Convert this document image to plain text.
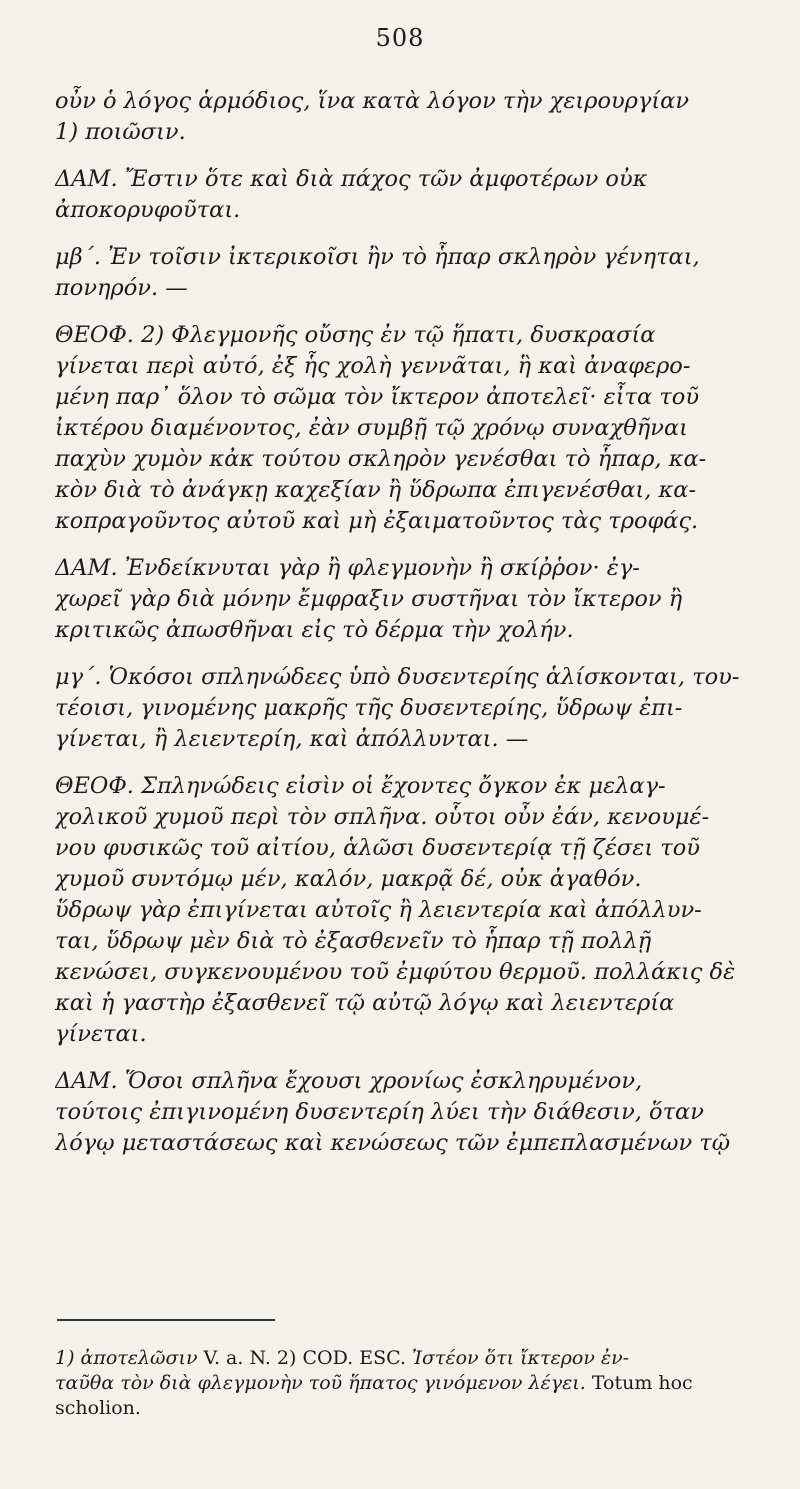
508
οὖν ὁ λόγος ἁρμόδιος, ἵνα κατὰ λόγον τὴν χειρουργίαν
1) ποιῶσιν.
ΔΑΜ. Ἔστιν ὅτε καὶ διὰ πάχος τῶν ἀμφοτέρων οὐκ
ἀποκορυφοῦται.
μβ΄. Ἐν τοῖσιν ἰκτερικοῖσι ἢν τὸ ἧπαρ σκληρὸν γένηται,
πονηρόν. —
ΘΕΟΦ. 2) Φλεγμονῆς οὔσης ἐν τῷ ἥπατι, δυσκρασία
γίνεται περὶ αὐτό, ἐξ ἧς χολὴ γεννᾶται, ἣ καὶ ἀναφερο-
μένη παρ᾽ ὅλον τὸ σῶμα τὸν ἴκτερον ἀποτελεῖ· εἶτα τοῦ
ἰκτέρου διαμένοντος, ἐὰν συμβῇ τῷ χρόνῳ συναχθῆναι
παχὺν χυμὸν κἀκ τούτου σκληρὸν γενέσθαι τὸ ἧπαρ, κα-
κὸν διὰ τὸ ἀνάγκῃ καχεξίαν ἢ ὕδρωπα ἐπιγενέσθαι, κα-
κοπραγοῦντος αὐτοῦ καὶ μὴ ἐξαιματοῦντος τὰς τροφάς.
ΔΑΜ. Ἐνδείκνυται γὰρ ἢ φλεγμονὴν ἢ σκίῤῥον· ἐγ-
χωρεῖ γὰρ διὰ μόνην ἔμφραξιν συστῆναι τὸν ἴκτερον ἢ
κριτικῶς ἀπωσθῆναι εἰς τὸ δέρμα τὴν χολήν.
μγ΄. Ὁκόσοι σπληνώδεες ὑπὸ δυσεντερίης ἁλίσκονται, του-
τέοισι, γινομένης μακρῆς τῆς δυσεντερίης, ὕδρωψ ἐπι-
γίνεται, ἢ λειεντερίη, καὶ ἀπόλλυνται. —
ΘΕΟΦ. Σπληνώδεις εἰσὶν οἱ ἔχοντες ὄγκον ἐκ μελαγ-
χολικοῦ χυμοῦ περὶ τὸν σπλῆνα. οὗτοι οὖν ἐάν, κενουμέ-
νου φυσικῶς τοῦ αἰτίου, ἁλῶσι δυσεντερίᾳ τῇ ζέσει τοῦ
χυμοῦ συντόμῳ μέν, καλόν, μακρᾷ δέ, οὐκ ἀγαθόν.
ὕδρωψ γὰρ ἐπιγίνεται αὐτοῖς ἢ λειεντερία καὶ ἀπόλλυν-
ται, ὕδρωψ μὲν διὰ τὸ ἐξασθενεῖν τὸ ἧπαρ τῇ πολλῇ
κενώσει, συγκενουμένου τοῦ ἐμφύτου θερμοῦ. πολλάκις δὲ
καὶ ἡ γαστὴρ ἐξασθενεῖ τῷ αὐτῷ λόγῳ καὶ λειεντερία
γίνεται.
ΔΑΜ. Ὅσοι σπλῆνα ἔχουσι χρονίως ἐσκληρυμένον,
τούτοις ἐπιγινομένη δυσεντερίη λύει τὴν διάθεσιν, ὅταν
λόγῳ μεταστάσεως καὶ κενώσεως τῶν ἐμπεπλασμένων τῷ
1) ἀποτελῶσιν V. a. N. 2) COD. ESC. Ἰστέον ὅτι ἴκτερον ἐν-
ταῦθα τὸν διὰ φλεγμονὴν τοῦ ἥπατος γινόμενον λέγει. Totum hoc
scholion.
